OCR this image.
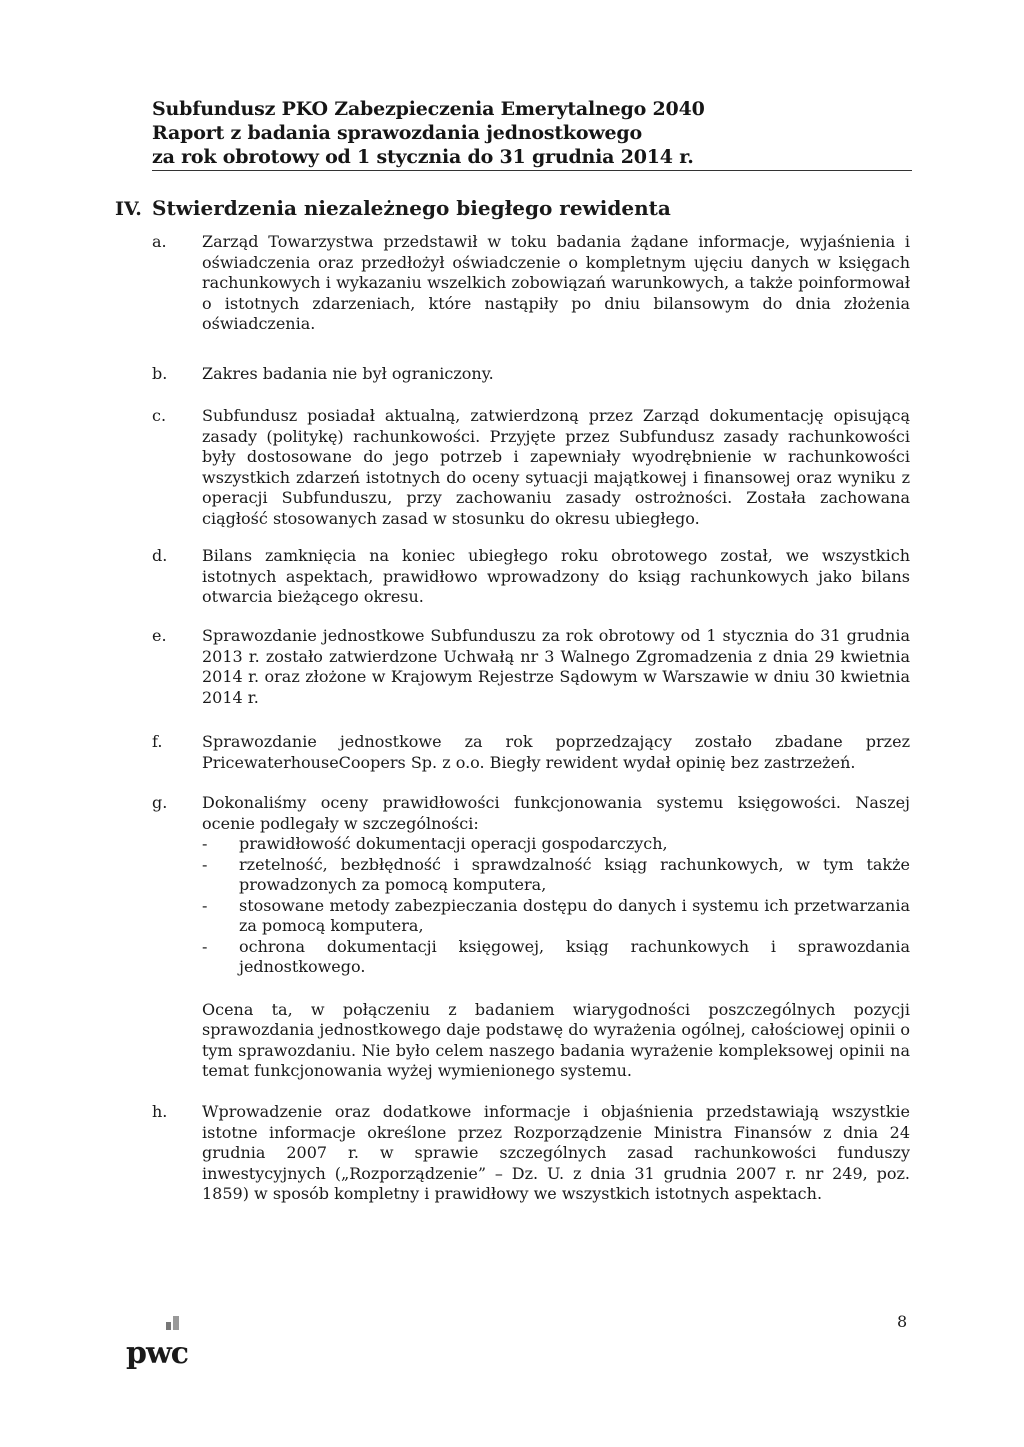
Subfundusz PKO Zabezpieczenia Emerytalnego 2040
Raport z badania sprawozdania jednostkowego
za rok obrotowy od 1 stycznia do 31 grudnia 2014 r.
IV. Stwierdzenia niezależnego biegłego rewidenta
a. Zarząd Towarzystwa przedstawił w toku badania żądane informacje, wyjaśnienia i oświadczenia oraz przedłożył oświadczenie o kompletnym ujęciu danych w księgach rachunkowych i wykazaniu wszelkich zobowiązań warunkowych, a także poinformował o istotnych zdarzeniach, które nastąpiły po dniu bilansowym do dnia złożenia oświadczenia.
b. Zakres badania nie był ograniczony.
c. Subfundusz posiadał aktualną, zatwierdzoną przez Zarząd dokumentację opisującą zasady (politykę) rachunkowości. Przyjęte przez Subfundusz zasady rachunkowości były dostosowane do jego potrzeb i zapewniały wyodrębnienie w rachunkowości wszystkich zdarzeń istotnych do oceny sytuacji majątkowej i finansowej oraz wyniku z operacji Subfunduszu, przy zachowaniu zasady ostrożności. Została zachowana ciągłość stosowanych zasad w stosunku do okresu ubiegłego.
d. Bilans zamknięcia na koniec ubiegłego roku obrotowego został, we wszystkich istotnych aspektach, prawidłowo wprowadzony do ksiąg rachunkowych jako bilans otwarcia bieżącego okresu.
e. Sprawozdanie jednostkowe Subfunduszu za rok obrotowy od 1 stycznia do 31 grudnia 2013 r. zostało zatwierdzone Uchwałą nr 3 Walnego Zgromadzenia z dnia 29 kwietnia 2014 r. oraz złożone w Krajowym Rejestrze Sądowym w Warszawie w dniu 30 kwietnia 2014 r.
f. Sprawozdanie jednostkowe za rok poprzedzający zostało zbadane przez PricewaterhouseCoopers Sp. z o.o. Biegły rewident wydał opinię bez zastrzeżeń.
g. Dokonaliśmy oceny prawidłowości funkcjonowania systemu księgowości. Naszej ocenie podlegały w szczególności:

- prawidłowość dokumentacji operacji gospodarczych,
- rzetelność, bezbłędność i sprawdzalność ksiąg rachunkowych, w tym także prowadzonych za pomocą komputera,
- stosowane metody zabezpieczania dostępu do danych i systemu ich przetwarzania za pomocą komputera,
- ochrona dokumentacji księgowej, ksiąg rachunkowych i sprawozdania jednostkowego.

Ocena ta, w połączeniu z badaniem wiarygodności poszczególnych pozycji sprawozdania jednostkowego daje podstawę do wyrażenia ogólnej, całościowej opinii o tym sprawozdaniu. Nie było celem naszego badania wyrażenie kompleksowej opinii na temat funkcjonowania wyżej wymienionego systemu.

h. Wprowadzenie oraz dodatkowe informacje i objaśnienia przedstawiają wszystkie istotne informacje określone przez Rozporządzenie Ministra Finansów z dnia 24 grudnia 2007 r. w sprawie szczególnych zasad rachunkowości funduszy inwestycyjnych („Rozporządzenie” – Dz. U. z dnia 31 grudnia 2007 r. nr 249, poz. 1859) w sposób kompletny i prawidłowy we wszystkich istotnych aspektach.
pwc
8
